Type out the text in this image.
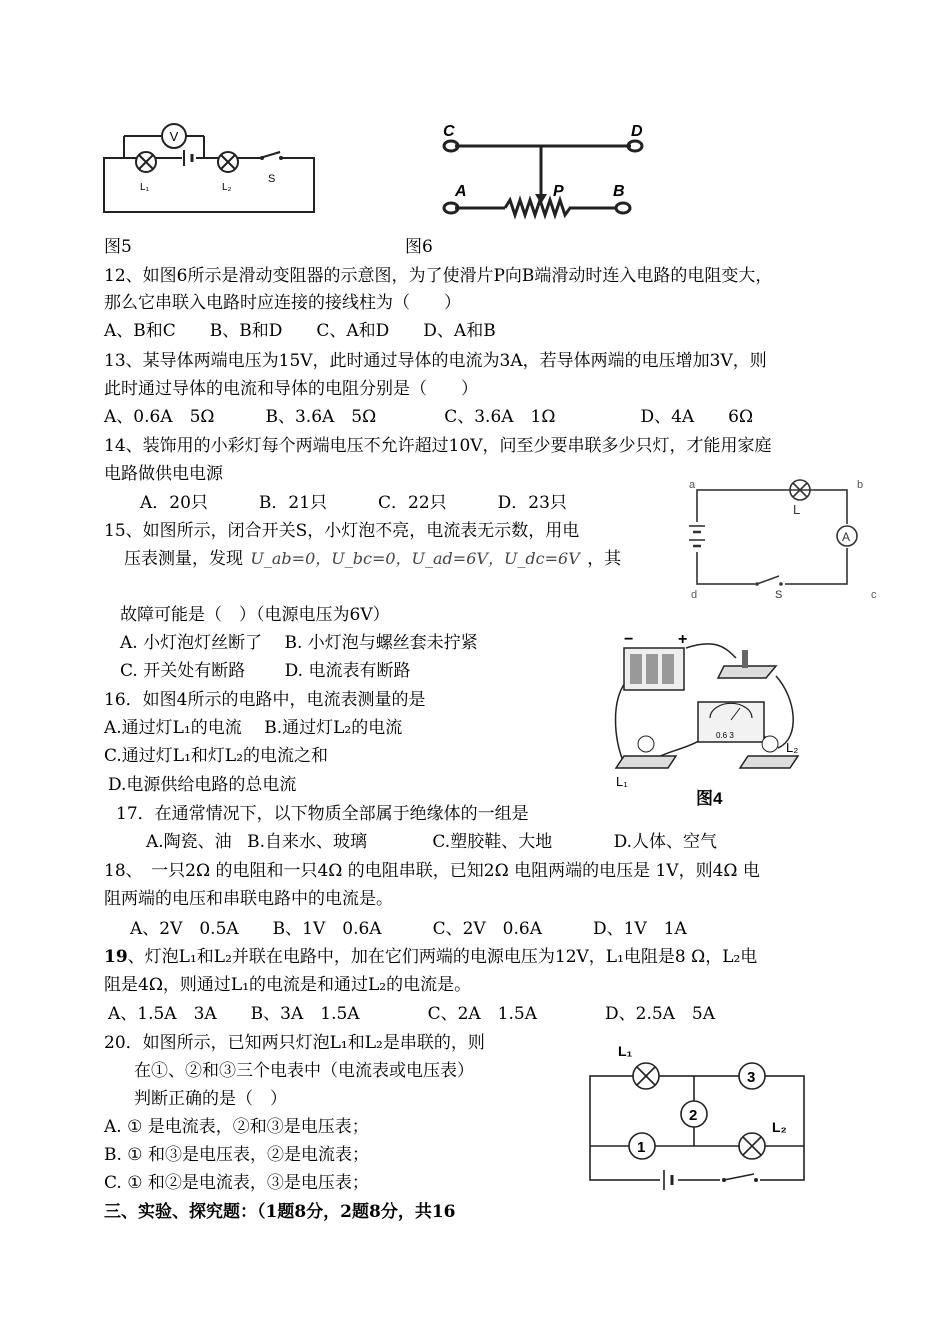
V
L₁	L₂
S
C	D
A	B
P
图5	图6
12、如图6所示是滑动变阻器的示意图，为了使滑片P向B端滑动时连入电路的电阻变大，
那么它串联入电路时应连接的接线柱为（　　）
A、B和C　　B、B和D　　C、A和D　　D、A和B
13、某导体两端电压为15V，此时通过导体的电流为3A，若导体两端的电压增加3V，则
此时通过导体的电流和导体的电阻分别是（　　）
A、0.6A　5Ω　　　B、3.6A　5Ω　　　　C、3.6A　1Ω　　　　　D、4A　　6Ω
14、装饰用的小彩灯每个两端电压不允许超过10V，问至少要串联多少只灯，才能用家庭
电路做供电电源
A．20只　　　B．21只　　　C．22只　　　D．23只
a	b
c
d
L
A
S
15、如图所示，闭合开关S，小灯泡不亮，电流表无示数，用电
压表测量，发现 U_ab=0，U_bc=0，U_ad=6V，U_dc=6V ，其
故障可能是（　）（电源电压为6V）
A. 小灯泡灯丝断了　 B. 小灯泡与螺丝套未拧紧
C. 开关处有断路　　 D. 电流表有断路
−	+
0.6 3
L₁
L₂
图4
16．如图4所示的电路中，电流表测量的是
A.通过灯L₁的电流　 B.通过灯L₂的电流
C.通过灯L₁和灯L₂的电流之和
D.电源供给电路的总电流
17．在通常情况下，以下物质全部属于绝缘体的一组是
A.陶瓷、油 B.自来水、玻璃	C.塑胶鞋、大地	D.人体、空气
18、　一只2Ω 的电阻和一只4Ω 的电阻串联，已知2Ω 电阻两端的电压是 1V，则4Ω 电
阻两端的电压和串联电路中的电流是。
A、2V　0.5A　　B、1V　0.6A　　　C、2V　0.6A　　　D、1V　1A
19、灯泡L₁和L₂并联在电路中，加在它们两端的电源电压为12V，L₁电阻是8 Ω，L₂电
阻是4Ω，则通过L₁的电流是和通过L₂的电流是。
A、1.5A　3A　　B、3A　1.5A　　　　C、2A　1.5A　　　　D、2.5A　5A
20．如图所示，已知两只灯泡L₁和L₂是串联的，则
在①、②和③三个电表中（电流表或电压表）
判断正确的是（　）
A. ① 是电流表，②和③是电压表；
B. ① 和③是电压表，②是电流表；
C. ① 和②是电流表，③是电压表；
L₁
L₂
3
2
1
三、实验、探究题：（1题8分，2题8分，共16
